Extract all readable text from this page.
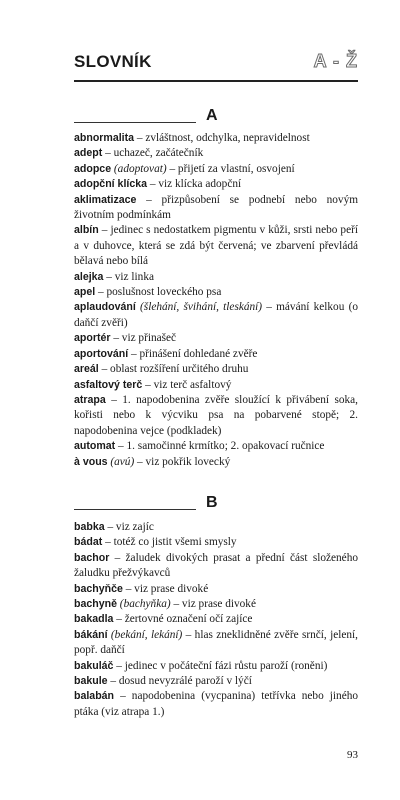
SLOVNÍK	A - Ž
A
abnormalita – zvláštnost, odchylka, nepravidelnost
adept – uchazeč, začátečník
adopce (adoptovat) – přijetí za vlastní, osvojení
adopční klícka – viz klícka adopční
aklimatizace – přizpůsobení se podnebí nebo novým životním podmínkám
albín – jedinec s nedostatkem pigmentu v kůži, srsti nebo peří a v duhovce, která se zdá být červená; ve zbarvení převládá bělavá nebo bílá
alejka – viz linka
apel – poslušnost loveckého psa
aplaudování (šlehání, švihání, tleskání) – mávání kelkou (o daňčí zvěři)
aportér – viz přinašeč
aportování – přinášení dohledané zvěře
areál – oblast rozšíření určitého druhu
asfaltový terč – viz terč asfaltový
atrapa – 1. napodobenina zvěře sloužící k přivábení soka, kořisti nebo k výcviku psa na pobarvené stopě; 2. napodobenina vejce (podkladek)
automat – 1. samočinné krmítko; 2. opakovací ručnice
à vous (avú) – viz pokřik lovecký
B
babka – viz zajíc
bádat – totéž co jistit všemi smysly
bachor – žaludek divokých prasat a přední část složeného žaludku přežvýkavců
bachyňče – viz prase divoké
bachyně (bachyňka) – viz prase divoké
bakadla – žertovné označení očí zajíce
bákání (bekání, lekání) – hlas zneklidněné zvěře srnčí, jelení, popř. daňčí
bakuláč – jedinec v počáteční fázi růstu paroží (roněni)
bakule – dosud nevyzrálé paroží v lýčí
balabán – napodobenina (vycpanina) tetřívka nebo jiného ptáka (viz atrapa 1.)
93
